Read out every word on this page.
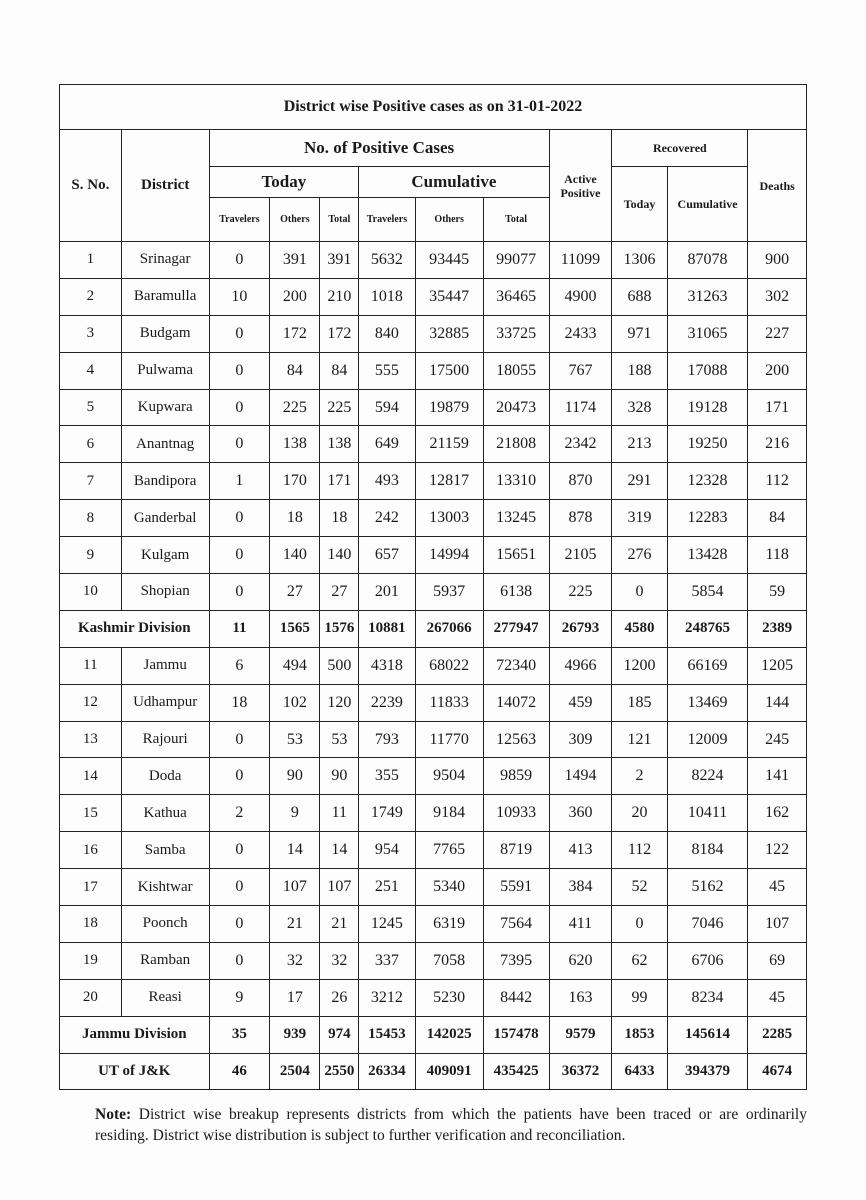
District wise Positive cases as on 31-01-2022											
S. No.	District	No. of Positive Cases						Active Positive	Recovered		Deaths
		Today			Cumulative				Today	Cumulative	
		Travelers	Others	Total	Travelers	Others	Total				
1	Srinagar	0	391	391	5632	93445	99077	11099	1306	87078	900
2	Baramulla	10	200	210	1018	35447	36465	4900	688	31263	302
3	Budgam	0	172	172	840	32885	33725	2433	971	31065	227
4	Pulwama	0	84	84	555	17500	18055	767	188	17088	200
5	Kupwara	0	225	225	594	19879	20473	1174	328	19128	171
6	Anantnag	0	138	138	649	21159	21808	2342	213	19250	216
7	Bandipora	1	170	171	493	12817	13310	870	291	12328	112
8	Ganderbal	0	18	18	242	13003	13245	878	319	12283	84
9	Kulgam	0	140	140	657	14994	15651	2105	276	13428	118
10	Shopian	0	27	27	201	5937	6138	225	0	5854	59
Kashmir Division		11	1565	1576	10881	267066	277947	26793	4580	248765	2389
11	Jammu	6	494	500	4318	68022	72340	4966	1200	66169	1205
12	Udhampur	18	102	120	2239	11833	14072	459	185	13469	144
13	Rajouri	0	53	53	793	11770	12563	309	121	12009	245
14	Doda	0	90	90	355	9504	9859	1494	2	8224	141
15	Kathua	2	9	11	1749	9184	10933	360	20	10411	162
16	Samba	0	14	14	954	7765	8719	413	112	8184	122
17	Kishtwar	0	107	107	251	5340	5591	384	52	5162	45
18	Poonch	0	21	21	1245	6319	7564	411	0	7046	107
19	Ramban	0	32	32	337	7058	7395	620	62	6706	69
20	Reasi	9	17	26	3212	5230	8442	163	99	8234	45
Jammu Division		35	939	974	15453	142025	157478	9579	1853	145614	2285
UT of J&K		46	2504	2550	26334	409091	435425	36372	6433	394379	4674
Note: District wise breakup represents districts from which the patients have been traced or are ordinarily residing. District wise distribution is subject to further verification and reconciliation.
